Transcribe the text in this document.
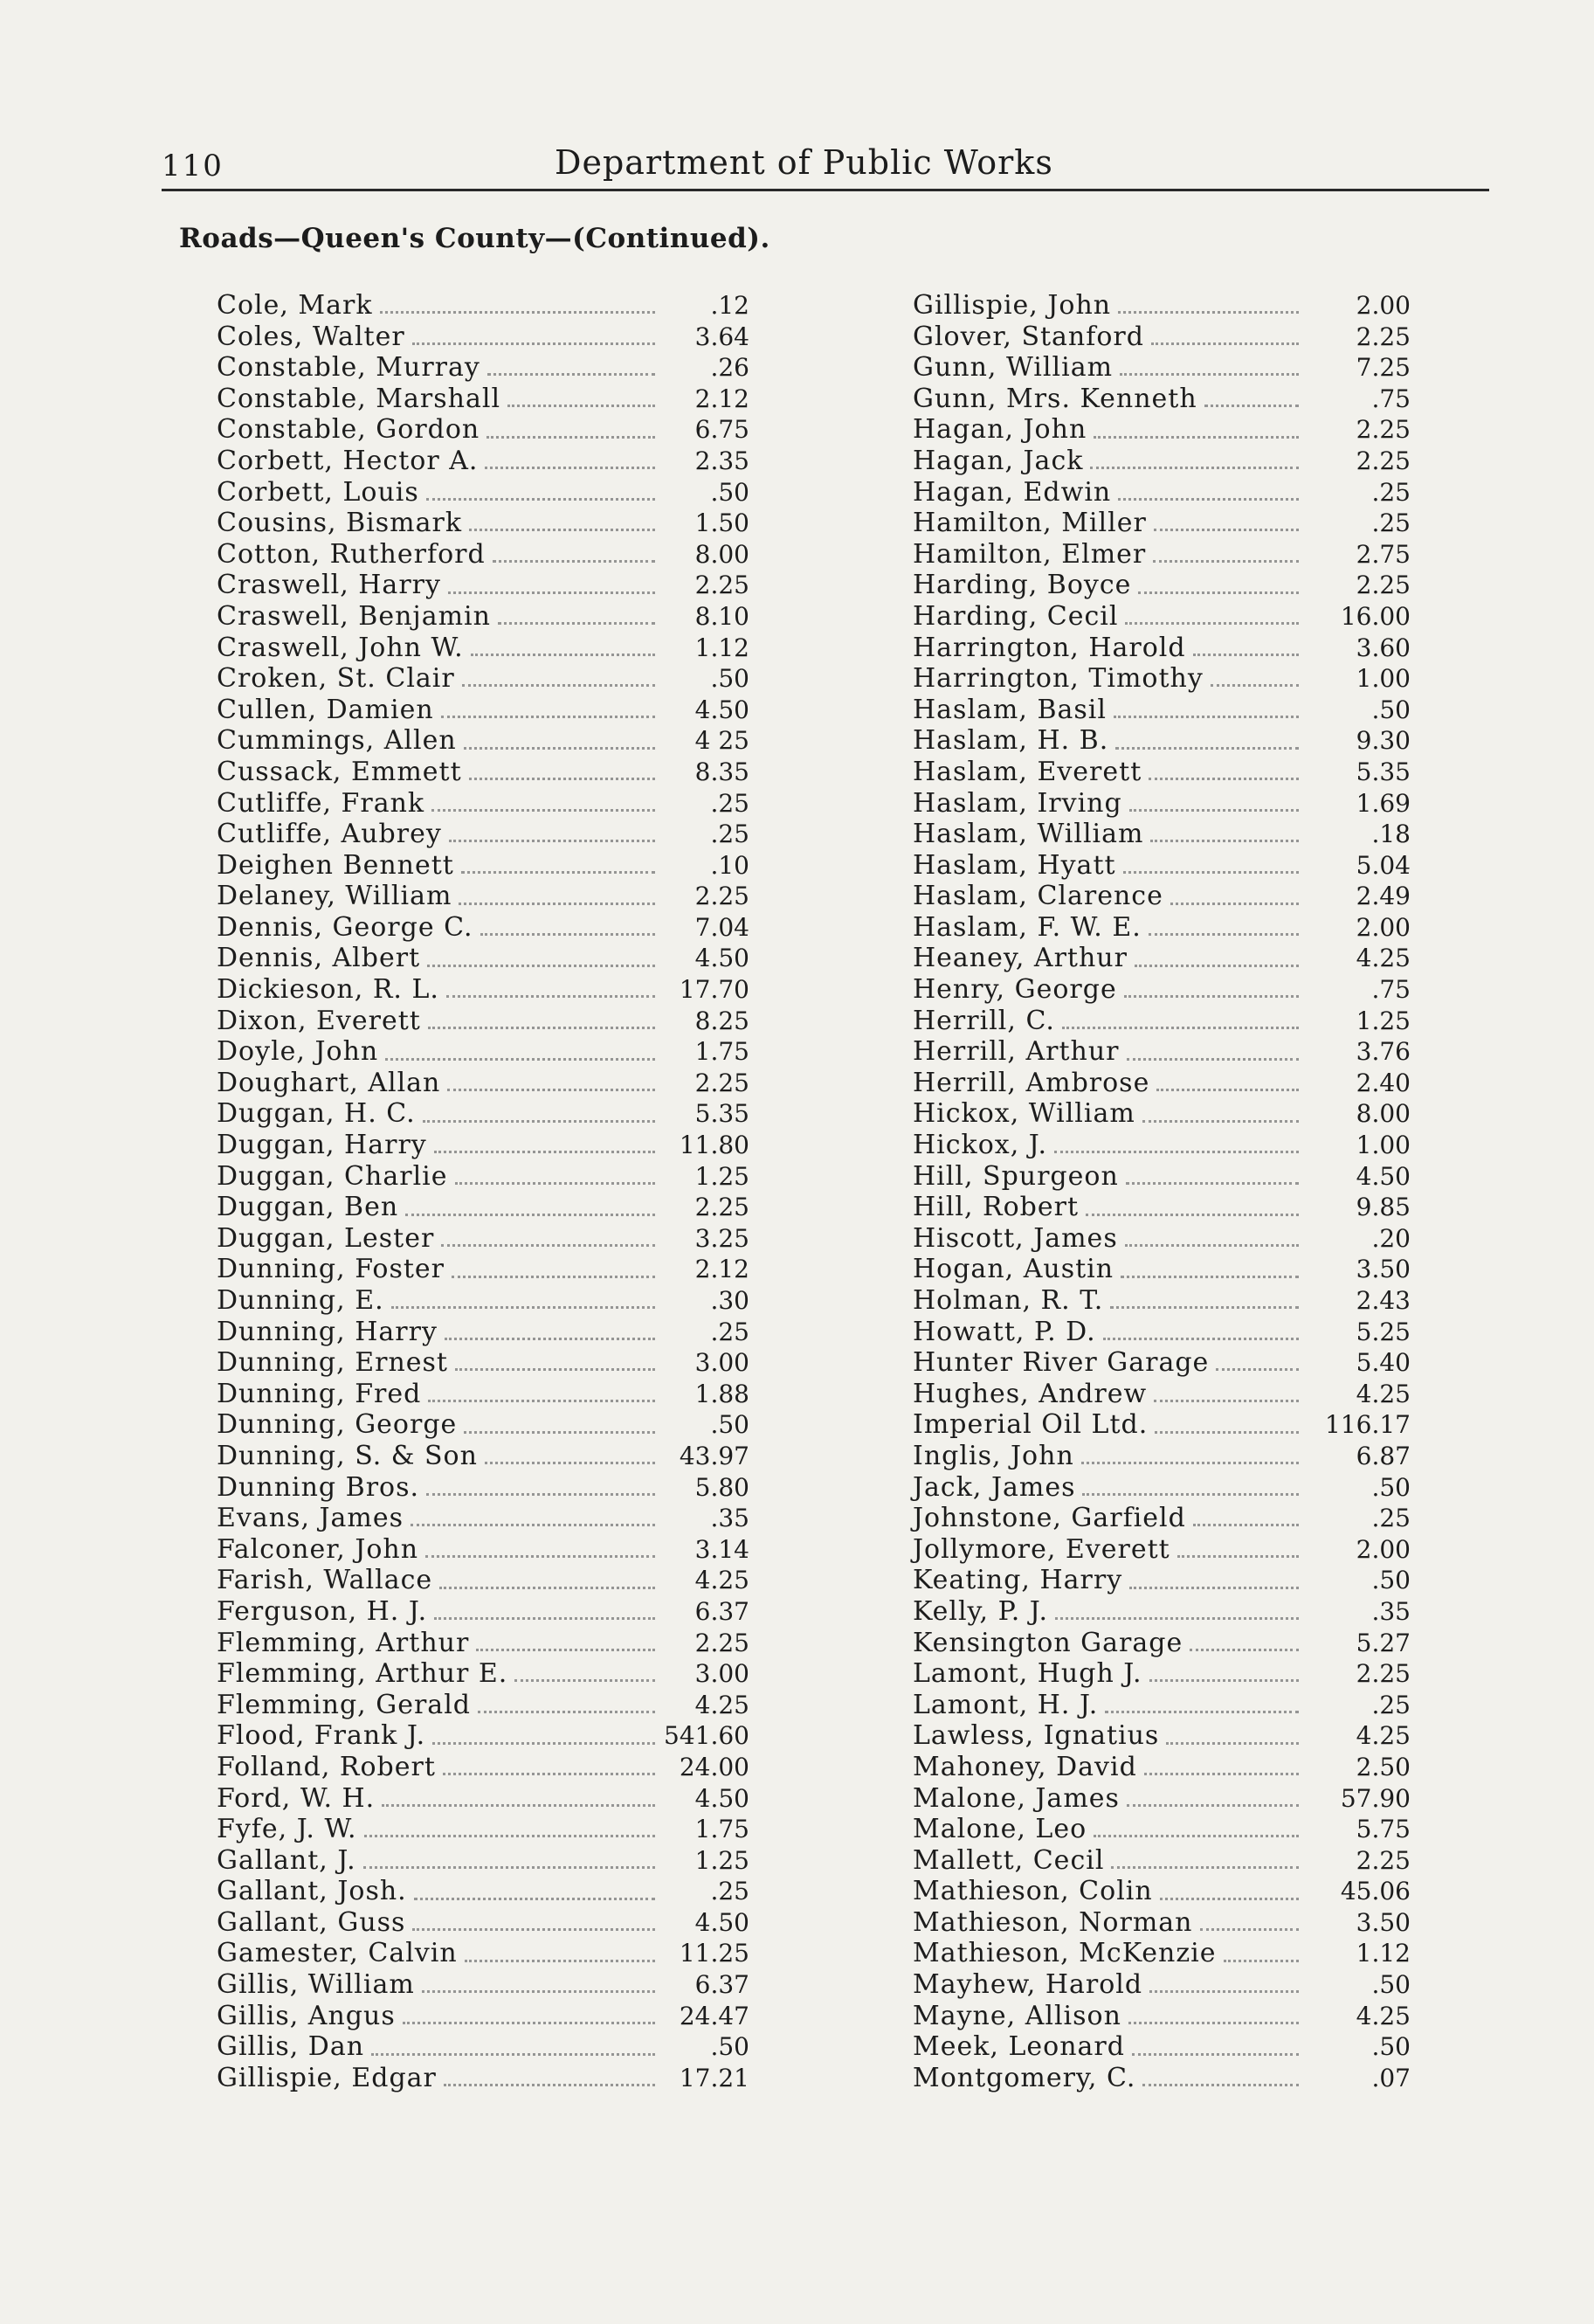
110	Department of Public Works
Roads—Queen's County—(Continued).
Cole, Mark	.12
Coles, Walter	3.64
Constable, Murray	.26
Constable, Marshall	2.12
Constable, Gordon	6.75
Corbett, Hector A.	2.35
Corbett, Louis	.50
Cousins, Bismark	1.50
Cotton, Rutherford	8.00
Craswell, Harry	2.25
Craswell, Benjamin	8.10
Craswell, John W.	1.12
Croken, St. Clair	.50
Cullen, Damien	4.50
Cummings, Allen	4 25
Cussack, Emmett	8.35
Cutliffe, Frank	.25
Cutliffe, Aubrey	.25
Deighen Bennett	.10
Delaney, William	2.25
Dennis, George C.	7.04
Dennis, Albert	4.50
Dickieson, R. L.	17.70
Dixon, Everett	8.25
Doyle, John	1.75
Doughart, Allan	2.25
Duggan, H. C.	5.35
Duggan, Harry	11.80
Duggan, Charlie	1.25
Duggan, Ben	2.25
Duggan, Lester	3.25
Dunning, Foster	2.12
Dunning, E.	.30
Dunning, Harry	.25
Dunning, Ernest	3.00
Dunning, Fred	1.88
Dunning, George	.50
Dunning, S. & Son	43.97
Dunning Bros.	5.80
Evans, James	.35
Falconer, John	3.14
Farish, Wallace	4.25
Ferguson, H. J.	6.37
Flemming, Arthur	2.25
Flemming, Arthur E.	3.00
Flemming, Gerald	4.25
Flood, Frank J.	541.60
Folland, Robert	24.00
Ford, W. H.	4.50
Fyfe, J. W.	1.75
Gallant, J.	1.25
Gallant, Josh.	.25
Gallant, Guss	4.50
Gamester, Calvin	11.25
Gillis, William	6.37
Gillis, Angus	24.47
Gillis, Dan	.50
Gillispie, Edgar	17.21
Gillispie, John	2.00
Glover, Stanford	2.25
Gunn, William	7.25
Gunn, Mrs. Kenneth	.75
Hagan, John	2.25
Hagan, Jack	2.25
Hagan, Edwin	.25
Hamilton, Miller	.25
Hamilton, Elmer	2.75
Harding, Boyce	2.25
Harding, Cecil	16.00
Harrington, Harold	3.60
Harrington, Timothy	1.00
Haslam, Basil	.50
Haslam, H. B.	9.30
Haslam, Everett	5.35
Haslam, Irving	1.69
Haslam, William	.18
Haslam, Hyatt	5.04
Haslam, Clarence	2.49
Haslam, F. W. E.	2.00
Heaney, Arthur	4.25
Henry, George	.75
Herrill, C.	1.25
Herrill, Arthur	3.76
Herrill, Ambrose	2.40
Hickox, William	8.00
Hickox, J.	1.00
Hill, Spurgeon	4.50
Hill, Robert	9.85
Hiscott, James	.20
Hogan, Austin	3.50
Holman, R. T.	2.43
Howatt, P. D.	5.25
Hunter River Garage	5.40
Hughes, Andrew	4.25
Imperial Oil Ltd.	116.17
Inglis, John	6.87
Jack, James	.50
Johnstone, Garfield	.25
Jollymore, Everett	2.00
Keating, Harry	.50
Kelly, P. J.	.35
Kensington Garage	5.27
Lamont, Hugh J.	2.25
Lamont, H. J.	.25
Lawless, Ignatius	4.25
Mahoney, David	2.50
Malone, James	57.90
Malone, Leo	5.75
Mallett, Cecil	2.25
Mathieson, Colin	45.06
Mathieson, Norman	3.50
Mathieson, McKenzie	1.12
Mayhew, Harold	.50
Mayne, Allison	4.25
Meek, Leonard	.50
Montgomery, C.	.07
